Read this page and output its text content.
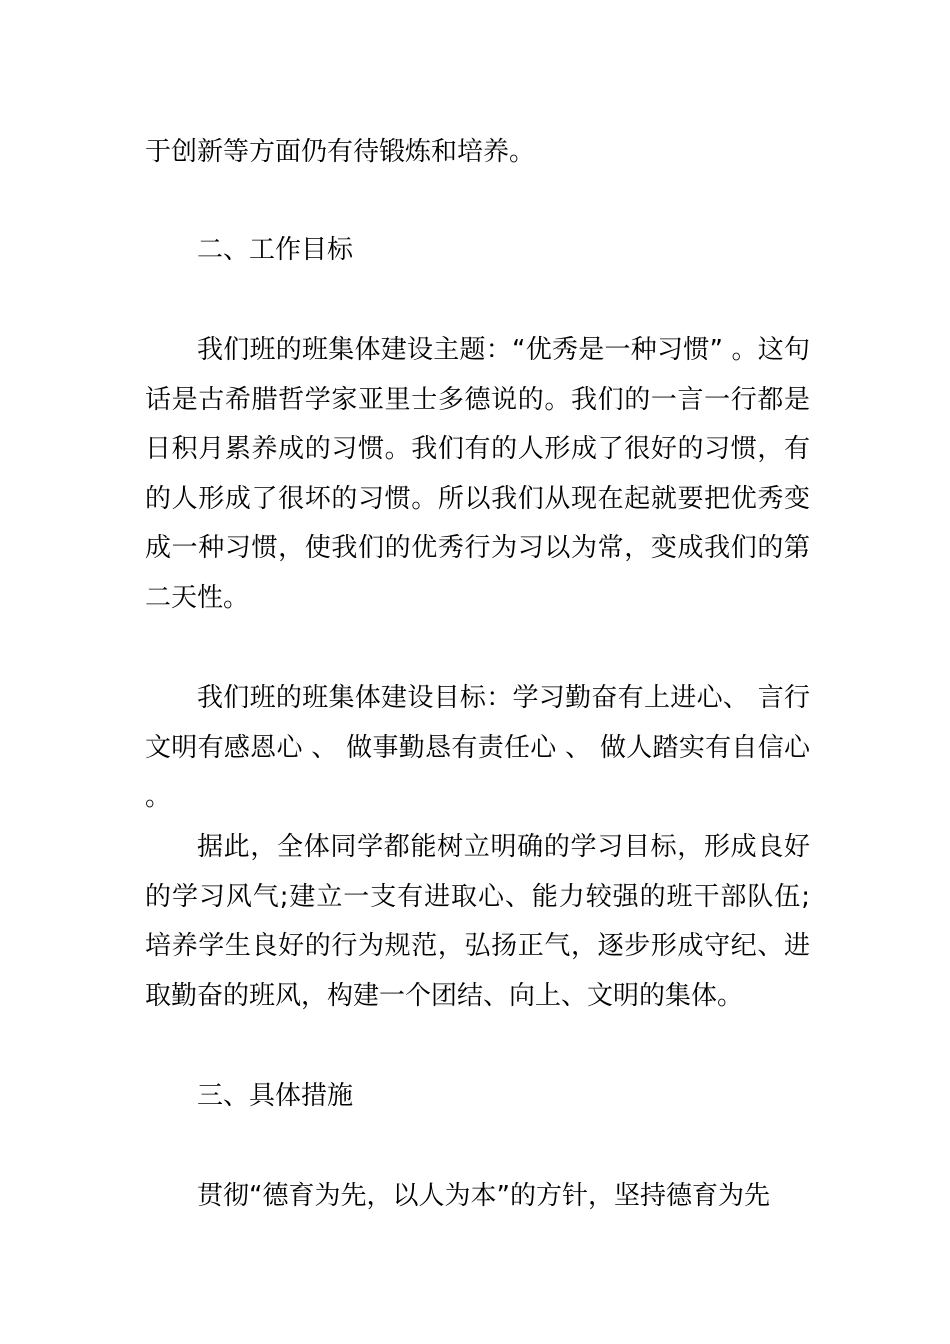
于创新等方面仍有待锻炼和培养。

二、工作目标

我们班的班集体建设主题：“优秀是一种习惯” 。这句话是古希腊哲学家亚里士多德说的。我们的一言一行都是日积月累养成的习惯。我们有的人形成了很好的习惯，有的人形成了很坏的习惯。所以我们从现在起就要把优秀变成一种习惯，使我们的优秀行为习以为常，变成我们的第二天性。

我们班的班集体建设目标：学习勤奋有上进心、 言行文明有感恩心 、 做事勤恳有责任心 、 做人踏实有自信心 。

据此，全体同学都能树立明确的学习目标，形成良好的学习风气;建立一支有进取心、能力较强的班干部队伍;培养学生良好的行为规范，弘扬正气，逐步形成守纪、进取勤奋的班风，构建一个团结、向上、文明的集体。

三、具体措施

贯彻“德育为先，以人为本”的方针，坚持德育为先
